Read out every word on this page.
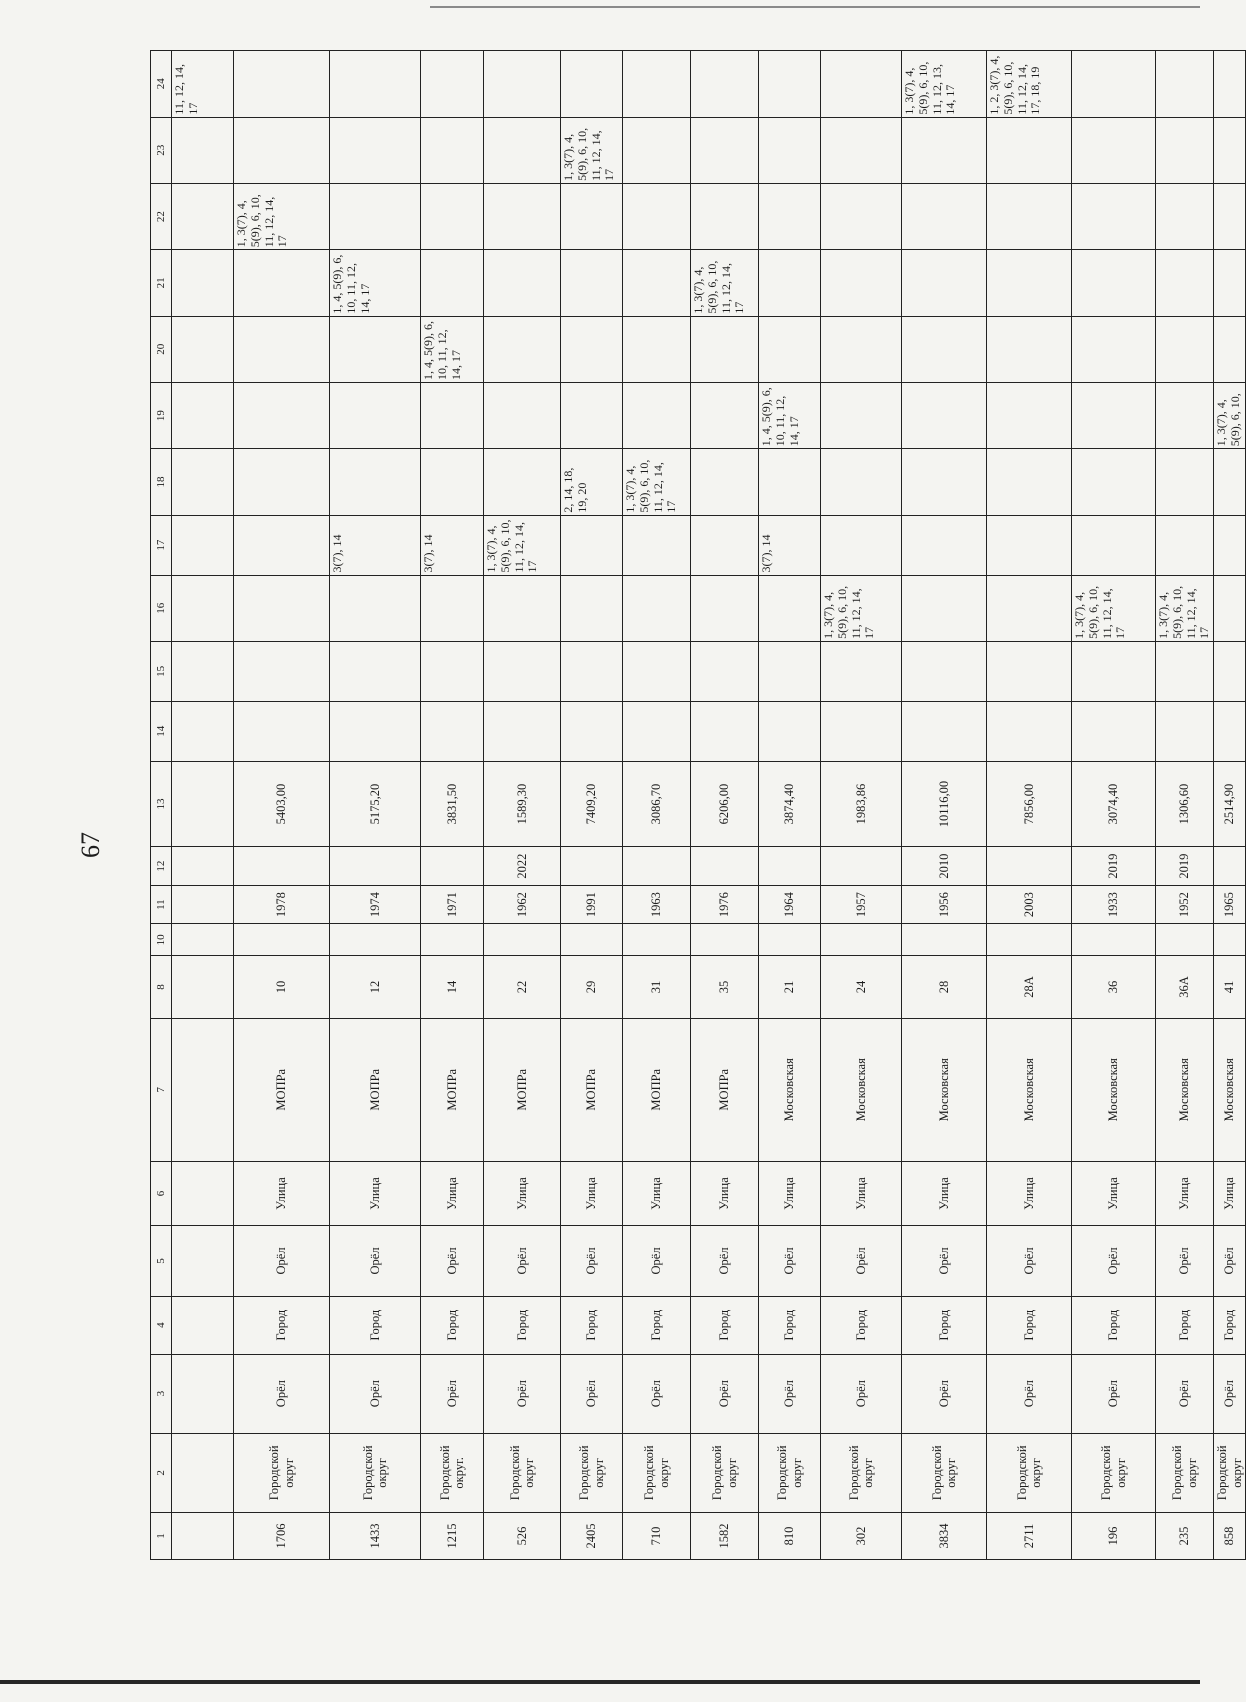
67
1	2	3	4	5	6	7	8	10	11	12	13	14	15	16	17	18	19	20	21	22	23	24
																						11, 12, 14, 17
1706	Городской округ	Орёл	Город	Орёл	Улица	МОПРа	10		1978		5403,00									1, 3(7), 4, 5(9), 6, 10, 11, 12, 14, 17		
1433	Городской округ	Орёл	Город	Орёл	Улица	МОПРа	12		1974		5175,20				3(7), 14				1, 4, 5(9), 6, 10, 11, 12, 14, 17			
1215	Городской округ.	Орёл	Город	Орёл	Улица	МОПРа	14		1971		3831,50				3(7), 14			1, 4, 5(9), 6, 10, 11, 12, 14, 17				
526	Городской округ	Орёл	Город	Орёл	Улица	МОПРа	22		1962	2022	1589,30				1, 3(7), 4, 5(9), 6, 10, 11, 12, 14, 17							
2405	Городской округ	Орёл	Город	Орёл	Улица	МОПРа	29		1991		7409,20					2, 14, 18, 19, 20					1, 3(7), 4, 5(9), 6, 10, 11, 12, 14, 17	
710	Городской округ	Орёл	Город	Орёл	Улица	МОПРа	31		1963		3086,70					1, 3(7), 4, 5(9), 6, 10, 11, 12, 14, 17						
1582	Городской округ	Орёл	Город	Орёл	Улица	МОПРа	35		1976		6206,00								1, 3(7), 4, 5(9), 6, 10, 11, 12, 14, 17			
810	Городской округ	Орёл	Город	Орёл	Улица	Московская	21		1964		3874,40				3(7), 14		1, 4, 5(9), 6, 10, 11, 12, 14, 17					
302	Городской округ	Орёл	Город	Орёл	Улица	Московская	24		1957		1983,86			1, 3(7), 4, 5(9), 6, 10, 11, 12, 14, 17								
3834	Городской округ	Орёл	Город	Орёл	Улица	Московская	28		1956	2010	10116,00											1, 3(7), 4, 5(9), 6, 10, 11, 12, 13, 14, 17
2711	Городской округ	Орёл	Город	Орёл	Улица	Московская	28А		2003		7856,00											1, 2, 3(7), 4, 5(9), 6, 10, 11, 12, 14, 17, 18, 19
196	Городской округ	Орёл	Город	Орёл	Улица	Московская	36		1933	2019	3074,40			1, 3(7), 4, 5(9), 6, 10, 11, 12, 14, 17								
235	Городской округ	Орёл	Город	Орёл	Улица	Московская	36А		1952	2019	1306,60			1, 3(7), 4, 5(9), 6, 10, 11, 12, 14, 17								
858	Городской округ	Орёл	Город	Орёл	Улица	Московская	41		1965		2514,90						1, 3(7), 4, 5(9), 6, 10,					
